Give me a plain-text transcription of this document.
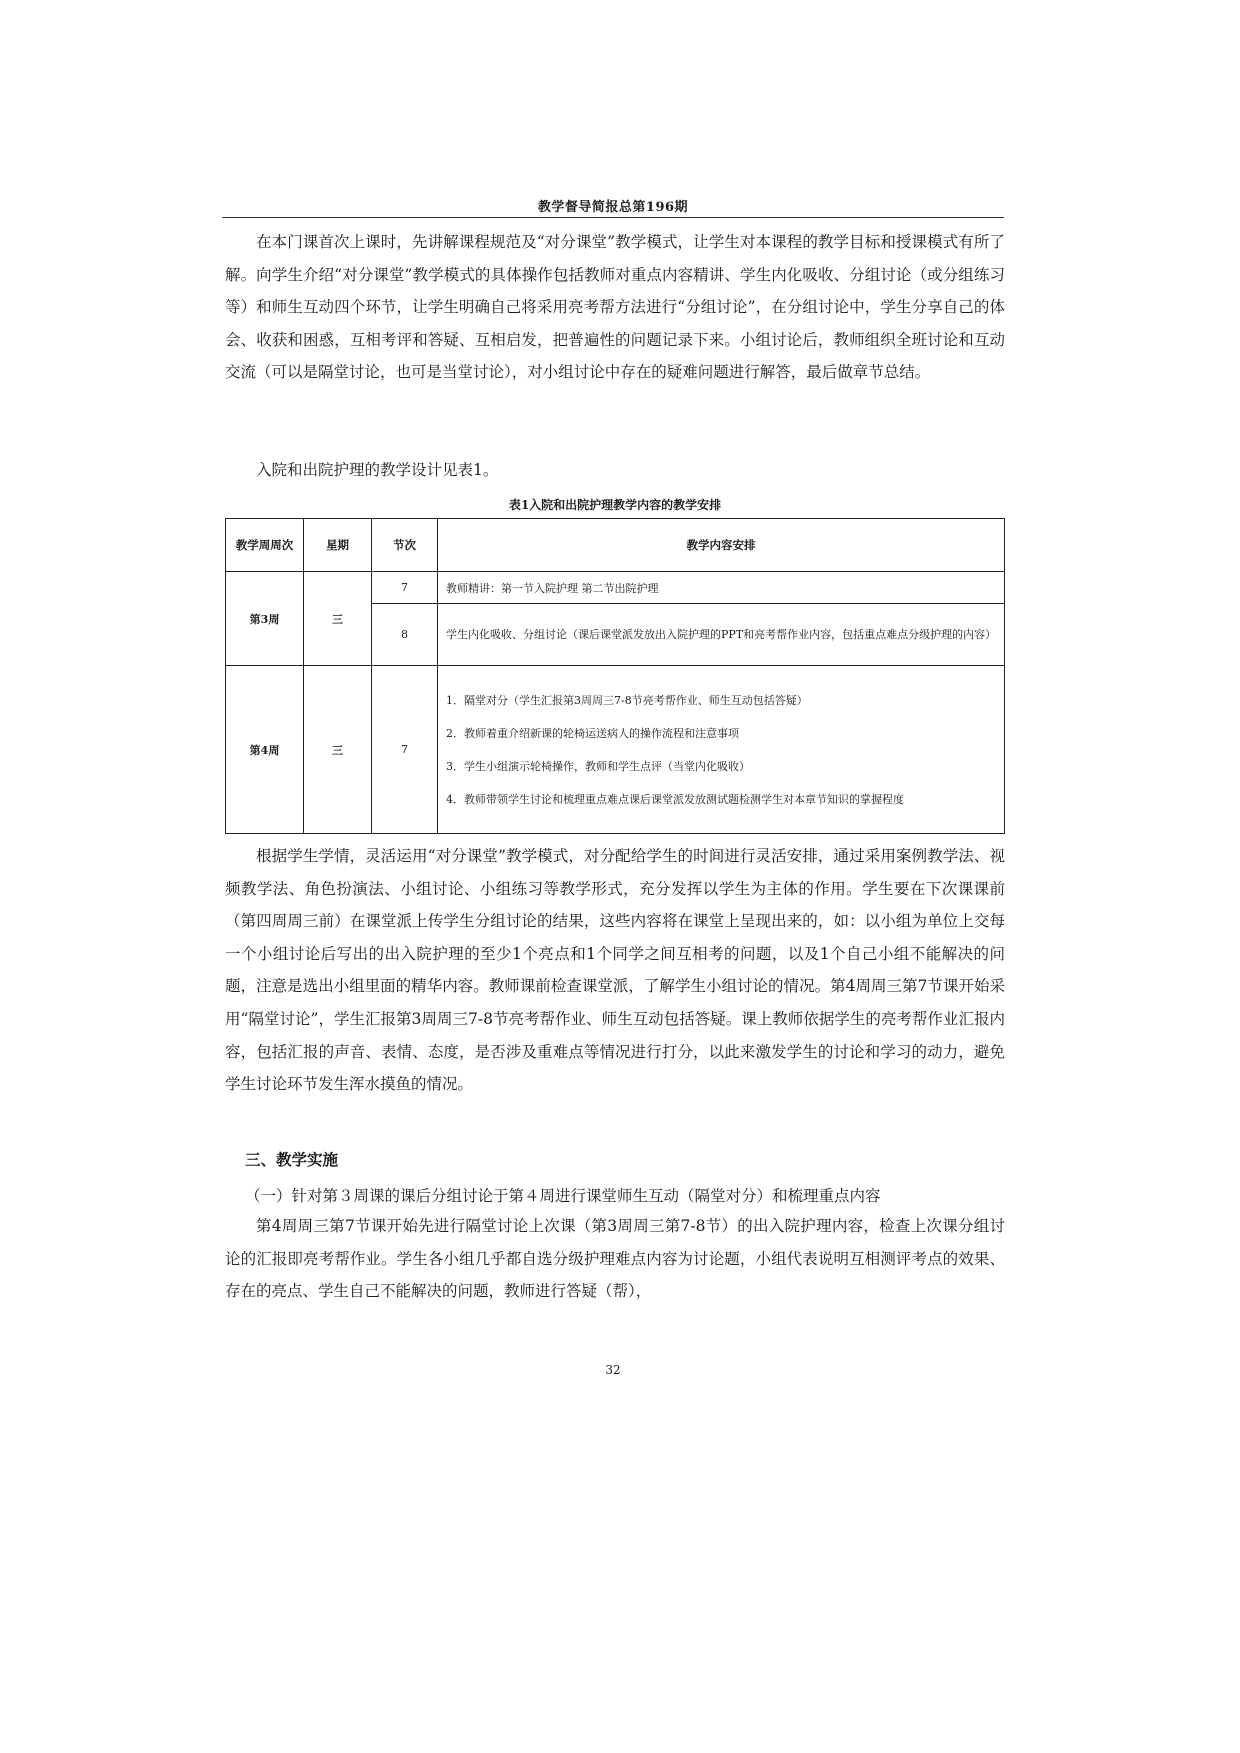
教学督导简报总第196期

在本门课首次上课时，先讲解课程规范及“对分课堂”教学模式，让学生对本课程的教学目标和授课模式有所了解。向学生介绍“对分课堂”教学模式的具体操作包括教师对重点内容精讲、学生内化吸收、分组讨论（或分组练习等）和师生互动四个环节，让学生明确自己将采用亮考帮方法进行“分组讨论”，在分组讨论中，学生分享自己的体会、收获和困惑，互相考评和答疑、互相启发，把普遍性的问题记录下来。小组讨论后，教师组织全班讨论和互动交流（可以是隔堂讨论，也可是当堂讨论），对小组讨论中存在的疑难问题进行解答，最后做章节总结。

入院和出院护理的教学设计见表1。

表1入院和出院护理教学内容的教学安排
教学周周次	星期	节次	教学内容安排
第3周	三	7	教师精讲：第一节入院护理 第二节出院护理
		8	学生内化吸收、分组讨论（课后课堂派发放出入院护理的PPT和亮考帮作业内容，包括重点难点分级护理的内容）
第4周	三	7	1．隔堂对分（学生汇报第3周周三7-8节亮考帮作业、师生互动包括答疑）
2．教师着重介绍新课的轮椅运送病人的操作流程和注意事项
3．学生小组演示轮椅操作，教师和学生点评（当堂内化吸收）
4．教师带领学生讨论和梳理重点难点课后课堂派发放测试题检测学生对本章节知识的掌握程度

根据学生学情，灵活运用“对分课堂”教学模式，对分配给学生的时间进行灵活安排，通过采用案例教学法、视频教学法、角色扮演法、小组讨论、小组练习等教学形式，充分发挥以学生为主体的作用。学生要在下次课课前（第四周周三前）在课堂派上传学生分组讨论的结果，这些内容将在课堂上呈现出来的，如：以小组为单位上交每一个小组讨论后写出的出入院护理的至少1个亮点和1个同学之间互相考的问题，以及1个自己小组不能解决的问题，注意是选出小组里面的精华内容。教师课前检查课堂派，了解学生小组讨论的情况。第4周周三第7节课开始采用“隔堂讨论”，学生汇报第3周周三7-8节亮考帮作业、师生互动包括答疑。课上教师依据学生的亮考帮作业汇报内容，包括汇报的声音、表情、态度，是否涉及重难点等情况进行打分，以此来激发学生的讨论和学习的动力，避免学生讨论环节发生浑水摸鱼的情况。

三、教学实施

（一）针对第３周课的课后分组讨论于第４周进行课堂师生互动（隔堂对分）和梳理重点内容

第4周周三第7节课开始先进行隔堂讨论上次课（第3周周三第7-8节）的出入院护理内容，检查上次课分组讨论的汇报即亮考帮作业。学生各小组几乎都自选分级护理难点内容为讨论题，小组代表说明互相测评考点的效果、存在的亮点、学生自己不能解决的问题，教师进行答疑（帮），

32
